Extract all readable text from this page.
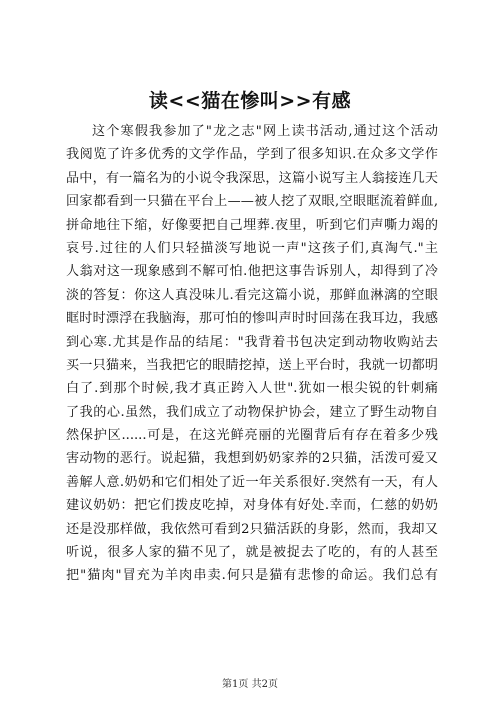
读<<猫在惨叫>>有感
这个寒假我参加了"龙之志"网上读书活动,通过这个活动
我阅览了许多优秀的文学作品，学到了很多知识.在众多文学作
品中，有一篇名为的小说令我深思，这篇小说写主人翁接连几天
回家都看到一只猫在平台上——被人挖了双眼,空眼眶流着鲜血,
拼命地往下缩，好像要把自己埋葬.夜里，听到它们声嘶力竭的
哀号.过往的人们只轻描淡写地说一声"这孩子们,真淘气."主
人翁对这一现象感到不解可怕.他把这事告诉别人，却得到了冷
淡的答复：你这人真没味儿.看完这篇小说，那鲜血淋漓的空眼
眶时时漂浮在我脑海，那可怕的惨叫声时时回荡在我耳边，我感
到心寒.尤其是作品的结尾："我背着书包决定到动物收购站去
买一只猫来，当我把它的眼睛挖掉，送上平台时，我就一切都明
白了.到那个时候,我才真正跨入人世".犹如一根尖锐的针刺痛
了我的心.虽然，我们成立了动物保护协会，建立了野生动物自
然保护区......可是，在这光鲜亮丽的光圈背后有存在着多少残
害动物的恶行。说起猫，我想到奶奶家养的2只猫，活泼可爱又
善解人意.奶奶和它们相处了近一年关系很好.突然有一天，有人
建议奶奶：把它们拨皮吃掉，对身体有好处.幸而，仁慈的奶奶
还是没那样做，我依然可看到2只猫活跃的身影，然而，我却又
听说，很多人家的猫不见了，就是被捉去了吃的，有的人甚至
把"猫肉"冒充为羊肉串卖.何只是猫有悲惨的命运。我们总有
第1页 共2页
